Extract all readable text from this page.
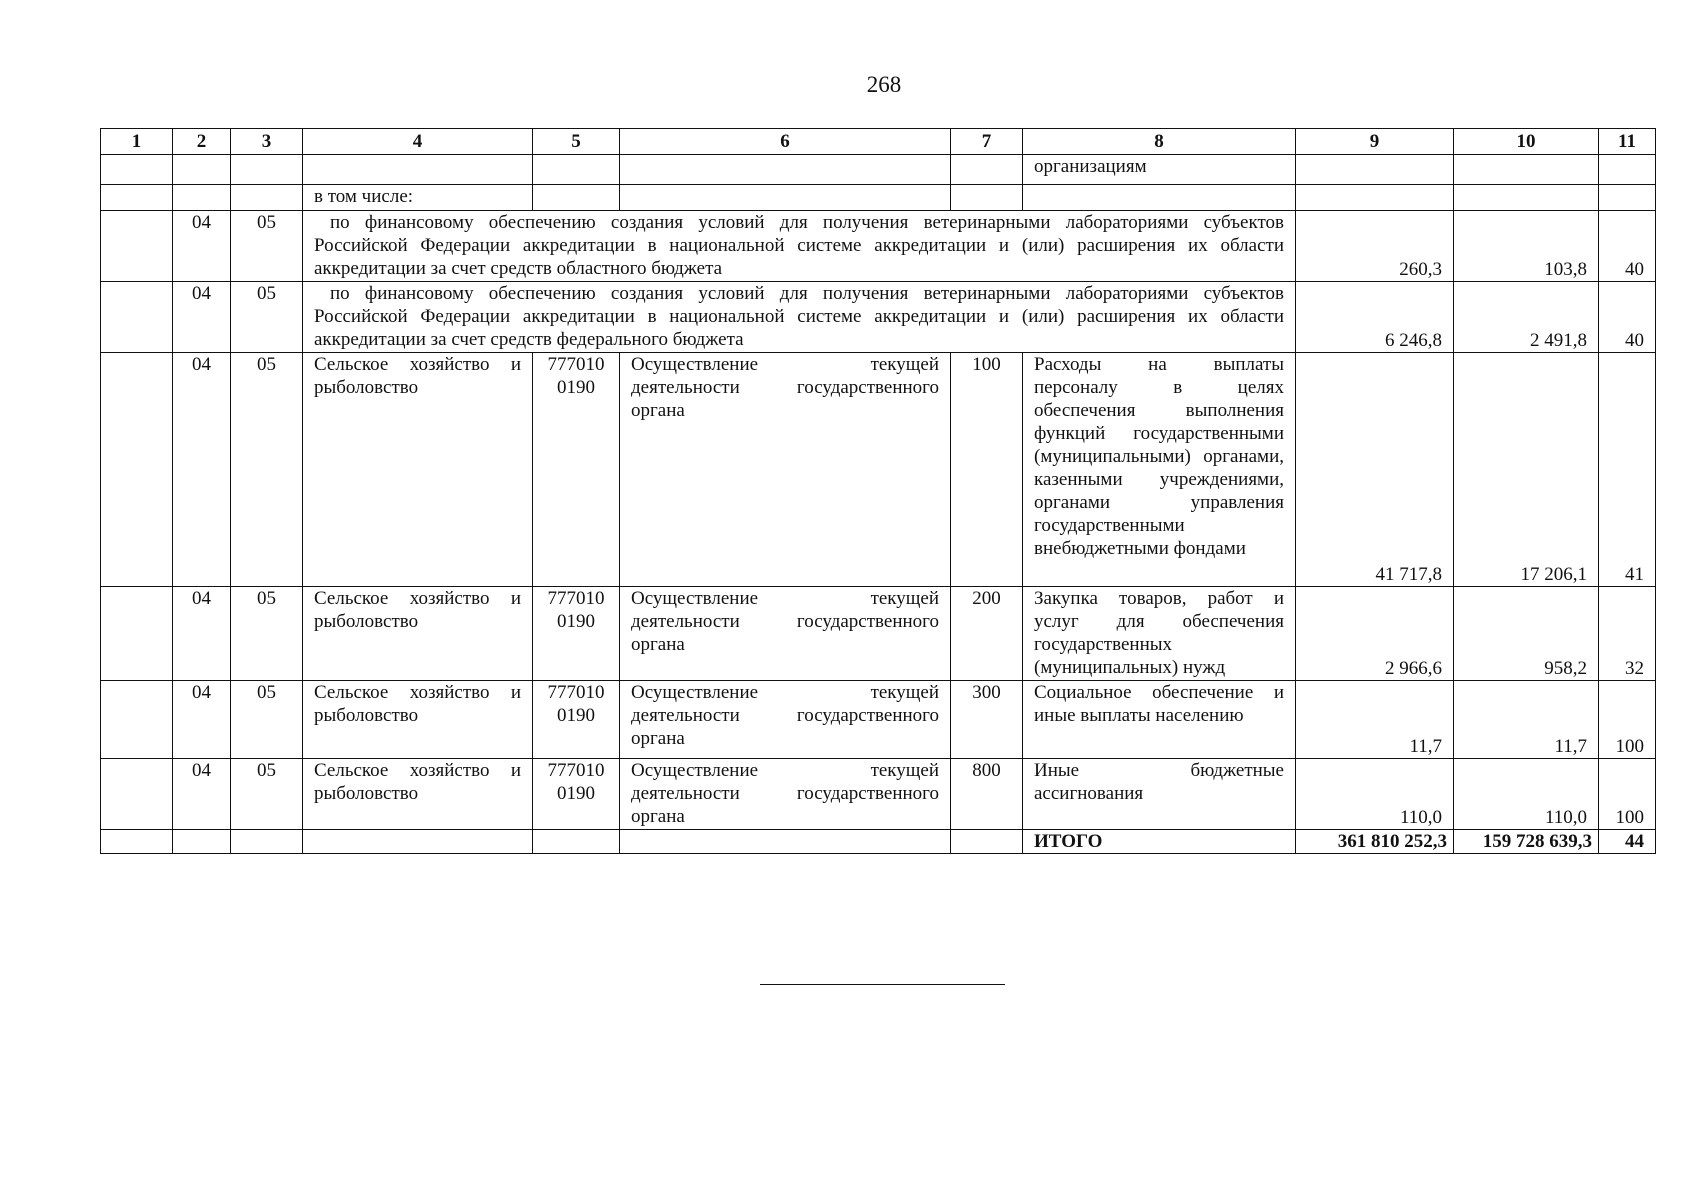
268
1	2	3	4	5	6	7	8	9	10	11
							организациям			
			в том числе:							
	04	05	по финансовому обеспечению создания условий для получения ветеринарными лабораториями субъектов Российской Федерации аккредитации в национальной системе аккредитации и (или) расширения их области аккредитации за счет средств областного бюджета					260,3	103,8	40
	04	05	по финансовому обеспечению создания условий для получения ветеринарными лабораториями субъектов Российской Федерации аккредитации в национальной системе аккредитации и (или) расширения их области аккредитации за счет средств федерального бюджета					6 246,8	2 491,8	40
	04	05	Сельское хозяйство и рыболовство	777010 0190	Осуществление текущей деятельности государственного органа	100	Расходы на выплаты персоналу в целях обеспечения выполнения функций государственными (муниципальными) органами, казенными учреждениями, органами управления государственными внебюджетными фондами	41 717,8	17 206,1	41
	04	05	Сельское хозяйство и рыболовство	777010 0190	Осуществление текущей деятельности государственного органа	200	Закупка товаров, работ и услуг для обеспечения государственных (муниципальных) нужд	2 966,6	958,2	32
	04	05	Сельское хозяйство и рыболовство	777010 0190	Осуществление текущей деятельности государственного органа	300	Социальное обеспечение и иные выплаты населению	11,7	11,7	100
	04	05	Сельское хозяйство и рыболовство	777010 0190	Осуществление текущей деятельности государственного органа	800	Иные бюджетные ассигнования	110,0	110,0	100
							ИТОГО	361 810 252,3	159 728 639,3	44
